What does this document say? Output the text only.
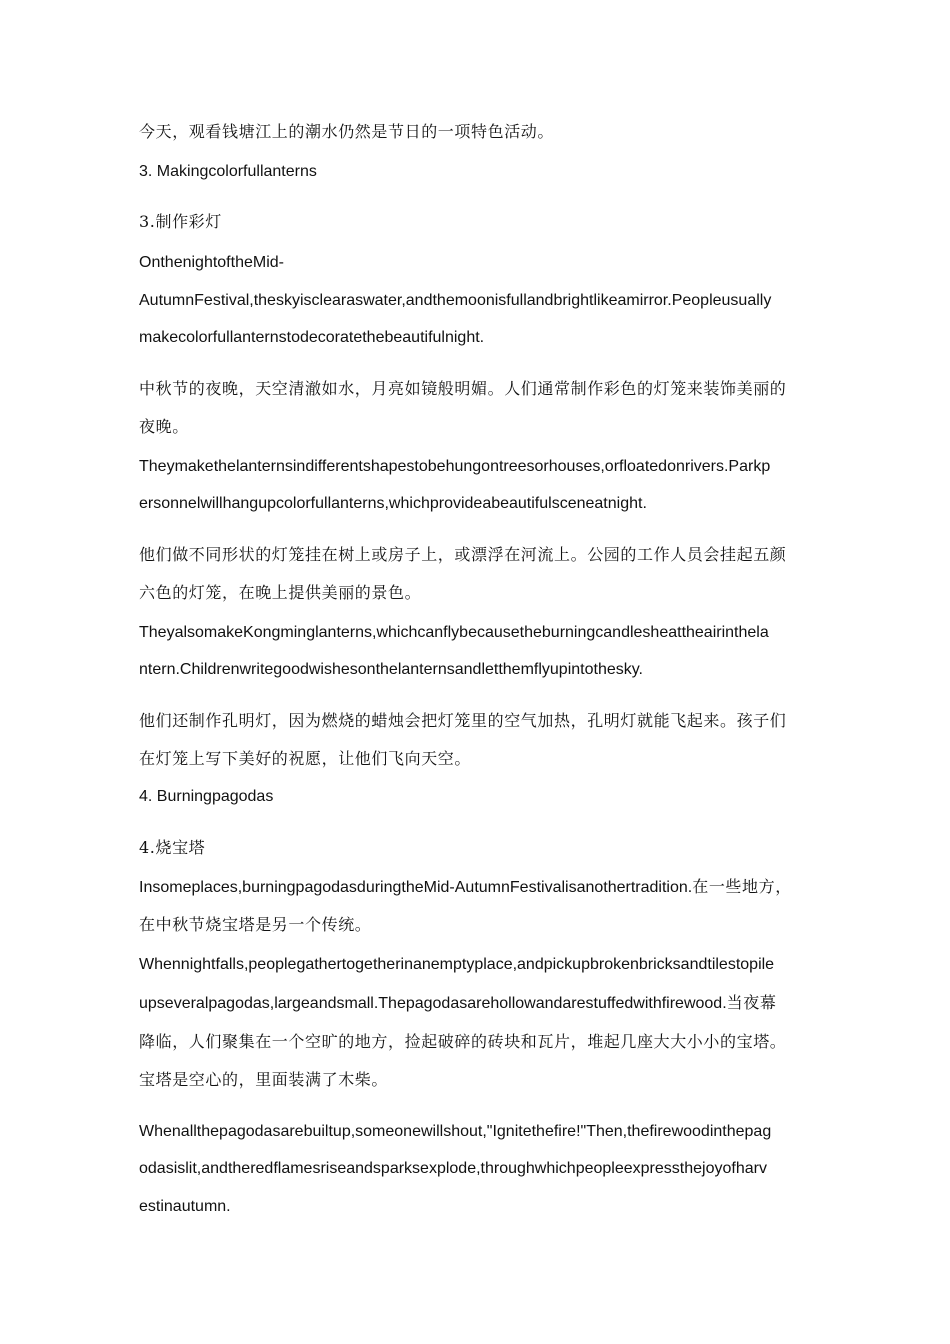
今天，观看钱塘江上的潮水仍然是节日的一项特色活动。
3. Makingcolorfullanterns
3.制作彩灯
OnthenightoftheMid-
AutumnFestival,theskyisclearaswater,andthemoonisfullandbrightlikeamirror.Peopleusually
makecolorfullanternstodecoratethebeautifulnight.
中秋节的夜晚，天空清澈如水，月亮如镜般明媚。人们通常制作彩色的灯笼来装饰美丽的
夜晚。
Theymakethelanternsindifferentshapestobehungontreesorhouses,orfloatedonrivers.Parkp
ersonnelwillhangupcolorfullanterns,whichprovideabeautifulsceneatnight.
他们做不同形状的灯笼挂在树上或房子上，或漂浮在河流上。公园的工作人员会挂起五颜
六色的灯笼，在晚上提供美丽的景色。
TheyalsomakeKongminglanterns,whichcanflybecausetheburningcandlesheattheairinthela
ntern.Childrenwritegoodwishesonthelanternsandletthemflyupintothesky.
他们还制作孔明灯，因为燃烧的蜡烛会把灯笼里的空气加热，孔明灯就能飞起来。孩子们
在灯笼上写下美好的祝愿，让他们飞向天空。
4. Burningpagodas
4.烧宝塔
Insomeplaces,burningpagodasduringtheMid-AutumnFestivalisanothertradition.在一些地方，
在中秋节烧宝塔是另一个传统。
Whennightfalls,peoplegathertogetherinanemptyplace,andpickupbrokenbricksandtilestopile
upseveralpagodas,largeandsmall.Thepagodasarehollowandarestuffedwithfirewood.当夜幕
降临，人们聚集在一个空旷的地方，捡起破碎的砖块和瓦片，堆起几座大大小小的宝塔。
宝塔是空心的，里面装满了木柴。
Whenallthepagodasarebuiltup,someonewillshout,"Ignitethefire!"Then,thefirewoodinthepag
odasislit,andtheredflamesriseandsparksexplode,throughwhichpeopleexpressthejoyofharv
estinautumn.
